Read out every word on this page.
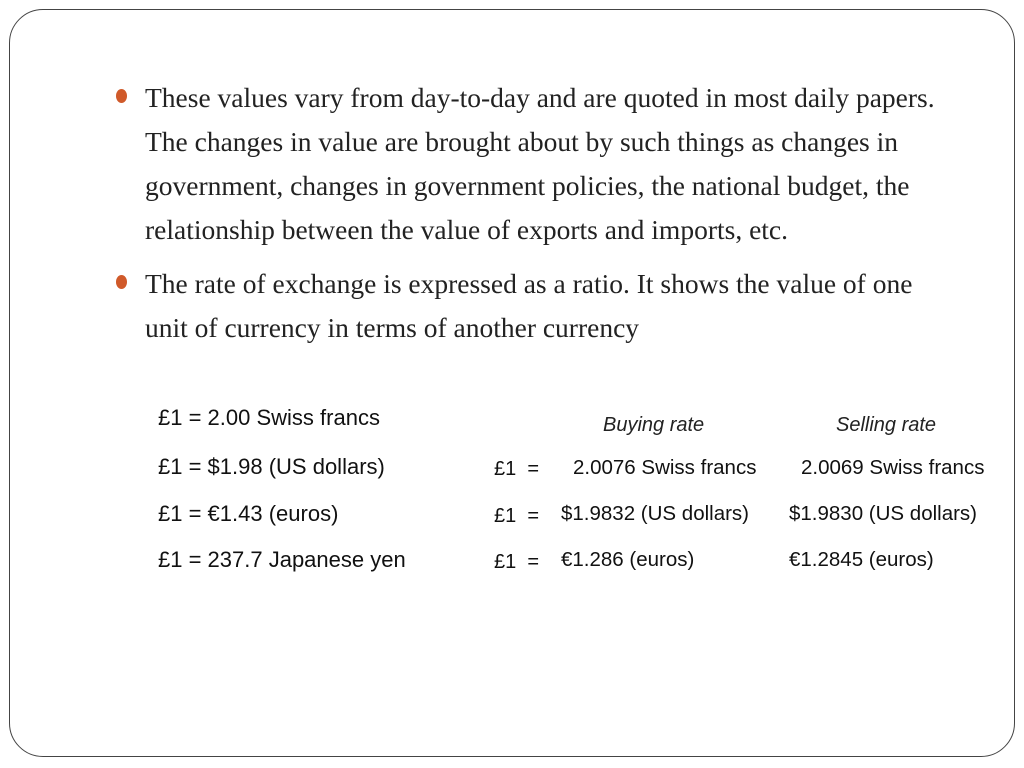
These values vary from day-to-day and are quoted in most daily papers. The changes in value are brought about by such things as changes in government, changes in government policies, the national budget, the relationship between the value of exports and imports, etc.
The rate of exchange is expressed as a ratio. It shows the value of one unit of currency in terms of another currency
£1 = 2.00 Swiss francs
£1 = $1.98 (US dollars)
£1 = €1.43 (euros)
£1 = 237.7 Japanese yen
Buying rate	Selling rate
£1  = 2.0076 Swiss francs 2.0069 Swiss francs
£1  = $1.9832 (US dollars) $1.9830 (US dollars)
£1  = €1.286 (euros)	€1.2845 (euros)
